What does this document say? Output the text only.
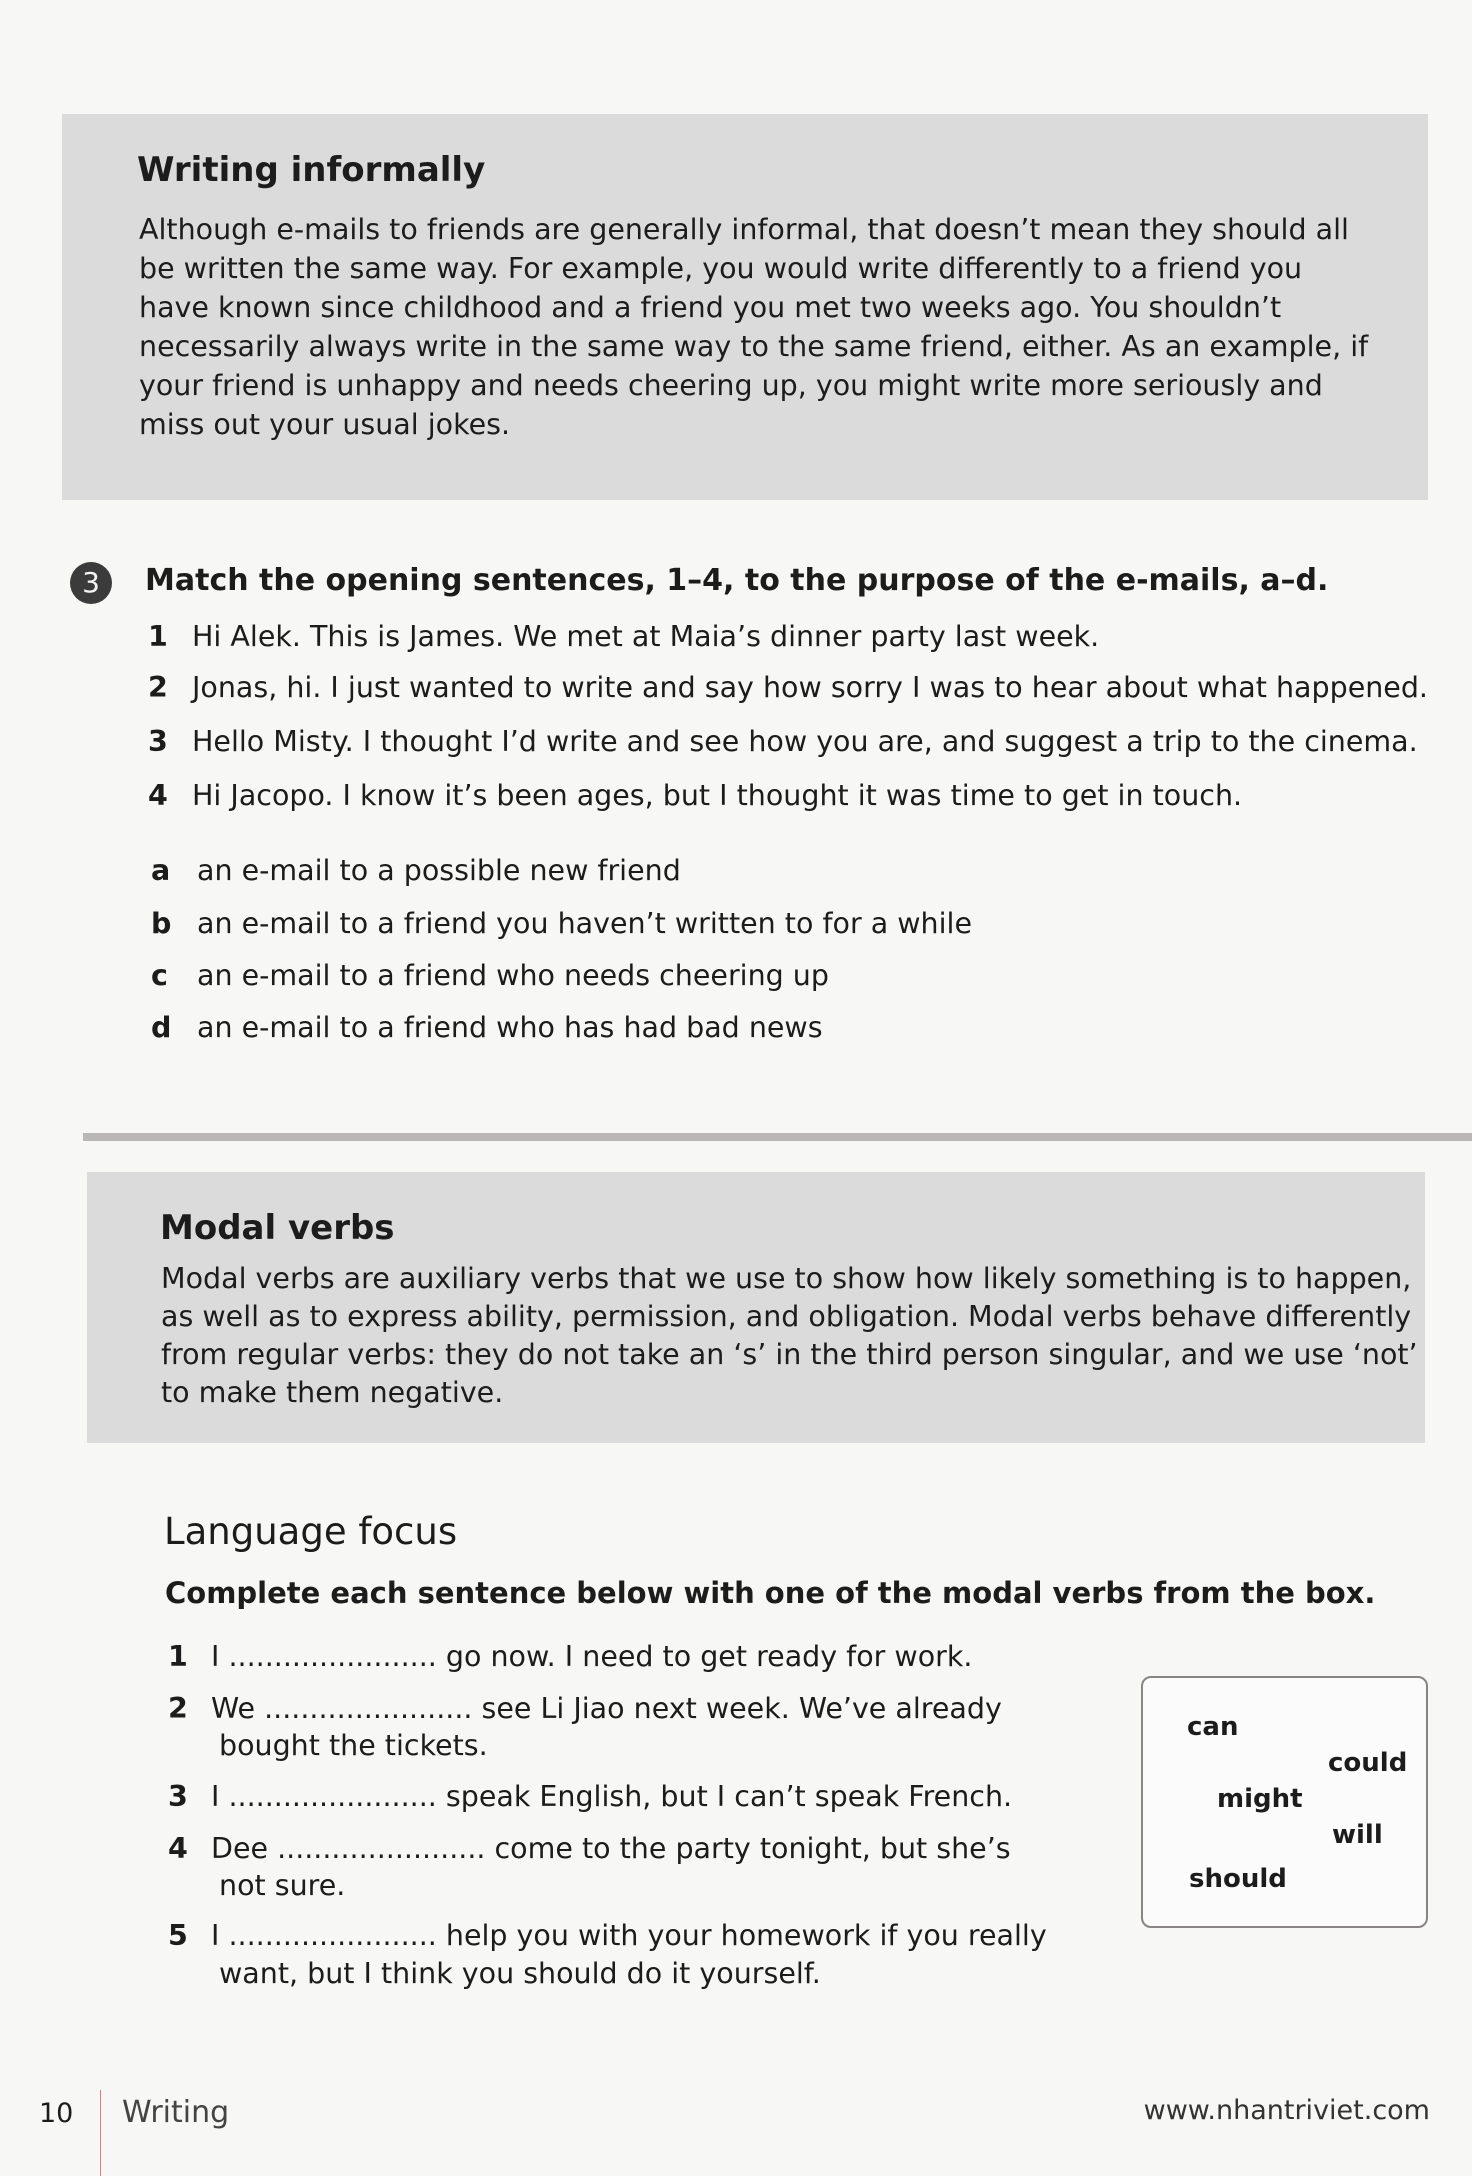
Writing informally
Although e-mails to friends are generally informal, that doesn’t mean they should all
be written the same way. For example, you would write differently to a friend you
have known since childhood and a friend you met two weeks ago. You shouldn’t
necessarily always write in the same way to the same friend, either. As an example, if
your friend is unhappy and needs cheering up, you might write more seriously and
miss out your usual jokes.
3	Match the opening sentences, 1–4, to the purpose of the e-mails, a–d.
1 Hi Alek. This is James. We met at Maia’s dinner party last week.
2 Jonas, hi. I just wanted to write and say how sorry I was to hear about what happened.
3 Hello Misty. I thought I’d write and see how you are, and suggest a trip to the cinema.
4 Hi Jacopo. I know it’s been ages, but I thought it was time to get in touch.
a an e-mail to a possible new friend
b an e-mail to a friend you haven’t written to for a while
c an e-mail to a friend who needs cheering up
d an e-mail to a friend who has had bad news
Modal verbs
Modal verbs are auxiliary verbs that we use to show how likely something is to happen,
as well as to express ability, permission, and obligation. Modal verbs behave differently
from regular verbs: they do not take an ‘s’ in the third person singular, and we use ‘not’
to make them negative.
Language focus
Complete each sentence below with one of the modal verbs from the box.
1 I ....................... go now. I need to get ready for work.
2 We ....................... see Li Jiao next week. We’ve already
bought the tickets.
3 I ....................... speak English, but I can’t speak French.
4 Dee ....................... come to the party tonight, but she’s
not sure.
5 I ....................... help you with your homework if you really
want, but I think you should do it yourself.
can
could
might
will
should
10 Writing	www.nhantriviet.com
